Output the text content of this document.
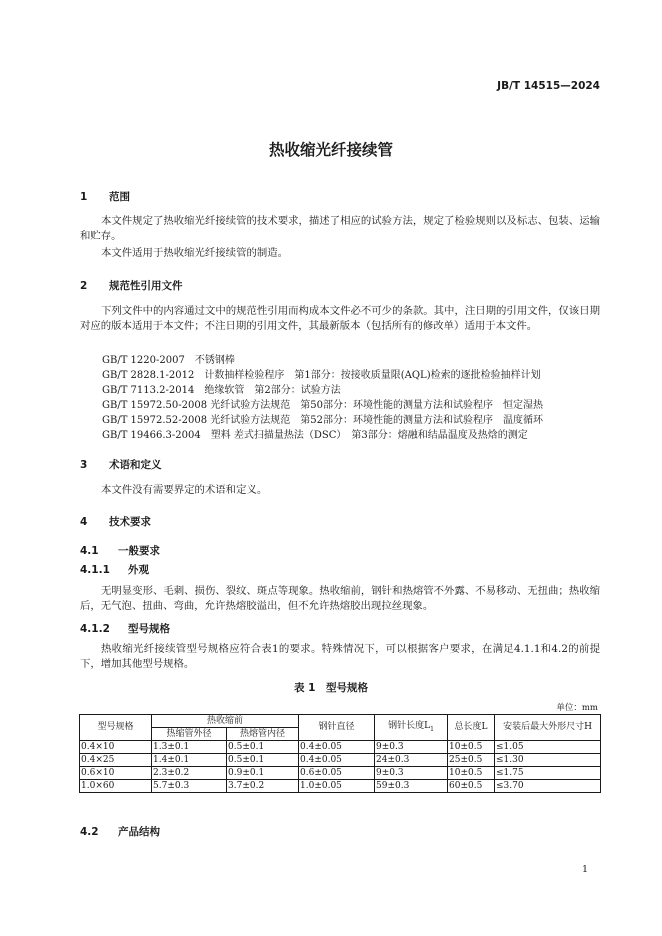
JB/T 14515—2024
热收缩光纤接续管
1 范围
本文件规定了热收缩光纤接续管的技术要求，描述了相应的试验方法，规定了检验规则以及标志、包装、运输和贮存。
本文件适用于热收缩光纤接续管的制造。
2 规范性引用文件
下列文件中的内容通过文中的规范性引用而构成本文件必不可少的条款。其中，注日期的引用文件，仅该日期对应的版本适用于本文件；不注日期的引用文件，其最新版本（包括所有的修改单）适用于本文件。
GB/T 1220-2007　不锈钢棒
GB/T 2828.1-2012　计数抽样检验程序　第1部分：按接收质量限(AQL)检索的逐批检验抽样计划
GB/T 7113.2-2014　绝缘软管　第2部分：试验方法
GB/T 15972.50-2008 光纤试验方法规范　第50部分：环境性能的测量方法和试验程序　恒定湿热
GB/T 15972.52-2008 光纤试验方法规范　第52部分：环境性能的测量方法和试验程序　温度循环
GB/T 19466.3-2004　塑料 差式扫描量热法（DSC）　第3部分：熔融和结晶温度及热焓的测定
3 术语和定义
本文件没有需要界定的术语和定义。
4 技术要求
4.1 一般要求
4.1.1 外观
无明显变形、毛刺、损伤、裂纹、斑点等现象。热收缩前，钢针和热熔管不外露、不易移动、无扭曲；热收缩后，无气泡、扭曲、弯曲，允许热熔胶溢出，但不允许热熔胶出现拉丝现象。
4.1.2 型号规格
热收缩光纤接续管型号规格应符合表1的要求。特殊情况下，可以根据客户要求，在满足4.1.1和4.2的前提下，增加其他型号规格。
表 1　型号规格
单位：mm
型号规格	热收缩前		钢针直径	钢针长度$L_1$	总长度L	安装后最大外形尺寸H
	热缩管外径	热熔管内径				
0.4×10	1.3±0.1	0.5±0.1	0.4±0.05	9±0.3	10±0.5	≤1.05
0.4×25	1.4±0.1	0.5±0.1	0.4±0.05	24±0.3	25±0.5	≤1.30
0.6×10	2.3±0.2	0.9±0.1	0.6±0.05	9±0.3	10±0.5	≤1.75
1.0×60	5.7±0.3	3.7±0.2	1.0±0.05	59±0.3	60±0.5	≤3.70
4.2 产品结构
1
